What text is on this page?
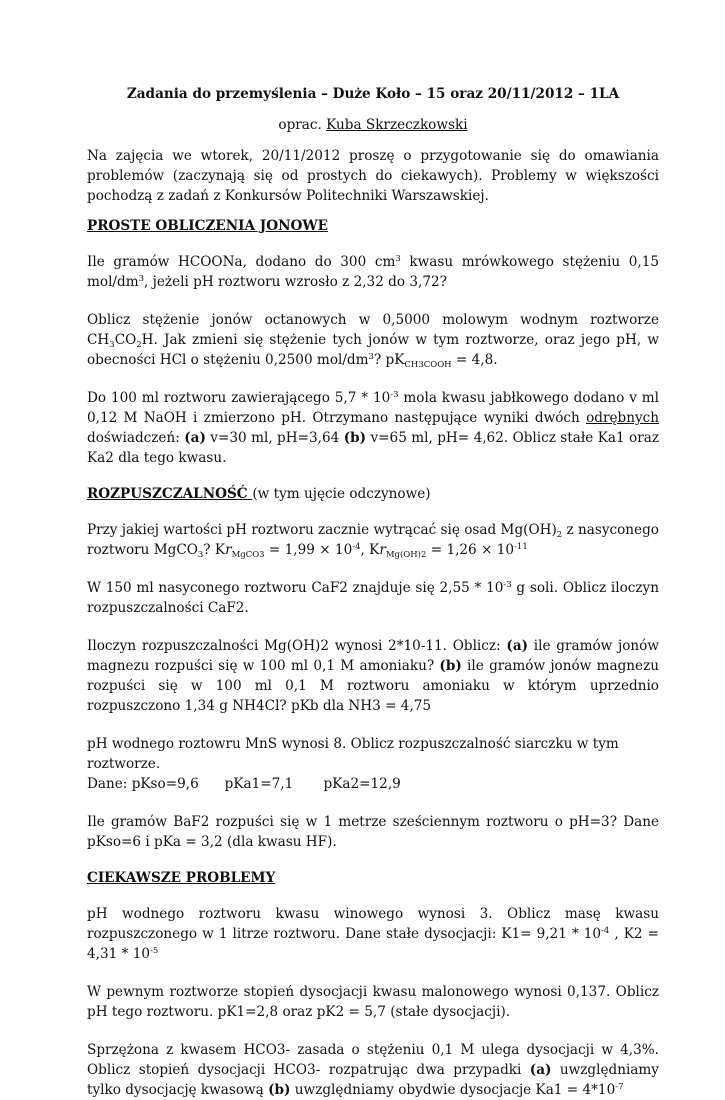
Zadania do przemyślenia – Duże Koło – 15 oraz 20/11/2012 – 1LA

oprac. Kuba Skrzeczkowski

Na zajęcia we wtorek, 20/11/2012 proszę o przygotowanie się do omawiania problemów (zaczynają się od prostych do ciekawych). Problemy w większości pochodzą z zadań z Konkursów Politechniki Warszawskiej.

PROSTE OBLICZENIA JONOWE

Ile gramów HCOONa, dodano do 300 $cm^3$ kwasu mrówkowego stężeniu 0,15 mol/$dm^3$, jeżeli pH roztworu wzrosło z 2,32 do 3,72?

Oblicz stężenie jonów octanowych w 0,5000 molowym wodnym roztworze $CH_3CO_2H$. Jak zmieni się stężenie tych jonów w tym roztworze, oraz jego pH, w obecności HCl o stężeniu 0,2500 mol/$dm^3$? $pK_{CH3COOH} = 4,8$.

Do 100 ml roztworu zawierającego $5,7 * 10^{-3}$ mola kwasu jabłkowego dodano v ml 0,12 M NaOH i zmierzono pH. Otrzymano następujące wyniki dwóch odrębnych doświadczeń: (a) v=30 ml, pH=3,64 (b) v=65 ml, pH= 4,62. Oblicz stałe Ka1 oraz Ka2 dla tego kwasu.

ROZPUSZCZALNOŚĆ (w tym ujęcie odczynowe)

Przy jakiej wartości pH roztworu zacznie wytrącać się osad $Mg(OH)_2$ z nasyconego roztworu MgCO$_3$? $Kr_{MgCO3} = 1,99 \times 10^{-4}$, $Kr_{Mg(OH)2} = 1,26 \times 10^{-11}$

W 150 ml nasyconego roztworu CaF2 znajduje się $2,55 * 10^{-3}$ g soli. Oblicz iloczyn rozpuszczalności CaF2.

Iloczyn rozpuszczalności Mg(OH)2 wynosi 2*10-11. Oblicz: (a) ile gramów jonów magnezu rozpuści się w 100 ml 0,1 M amoniaku? (b) ile gramów jonów magnezu rozpuści się w 100 ml 0,1 M roztworu amoniaku w którym uprzednio rozpuszczono 1,34 g NH4Cl? pKb dla NH3 = 4,75

pH wodnego roztowru MnS wynosi 8. Oblicz rozpuszczalność siarczku w tym roztworze.

Dane: pKso=9,6      pKa1=7,1       pKa2=12,9

Ile gramów BaF2 rozpuści się w 1 metrze sześciennym roztworu o pH=3? Dane pKso=6 i pKa = 3,2 (dla kwasu HF).

CIEKAWSZE PROBLEMY

pH wodnego roztworu kwasu winowego wynosi 3. Oblicz masę kwasu rozpuszczonego w 1 litrze roztworu. Dane stałe dysocjacji: $K1= 9,21 * 10^{-4}$ , $K2 = 4,31 * 10^{-5}$

W pewnym roztworze stopień dysocjacji kwasu malonowego wynosi 0,137. Oblicz pH tego roztworu. pK1=2,8 oraz pK2 = 5,7 (stałe dysocjacji).

Sprzężona z kwasem HCO3- zasada o stężeniu 0,1 M ulega dysocjacji w 4,3%. Oblicz stopień dysocjacji HCO3- rozpatrując dwa przypadki (a) uwzględniamy tylko dysocjację kwasową (b) uwzględniamy obydwie dysocjacje $Ka1 = 4*10^{-7}$
